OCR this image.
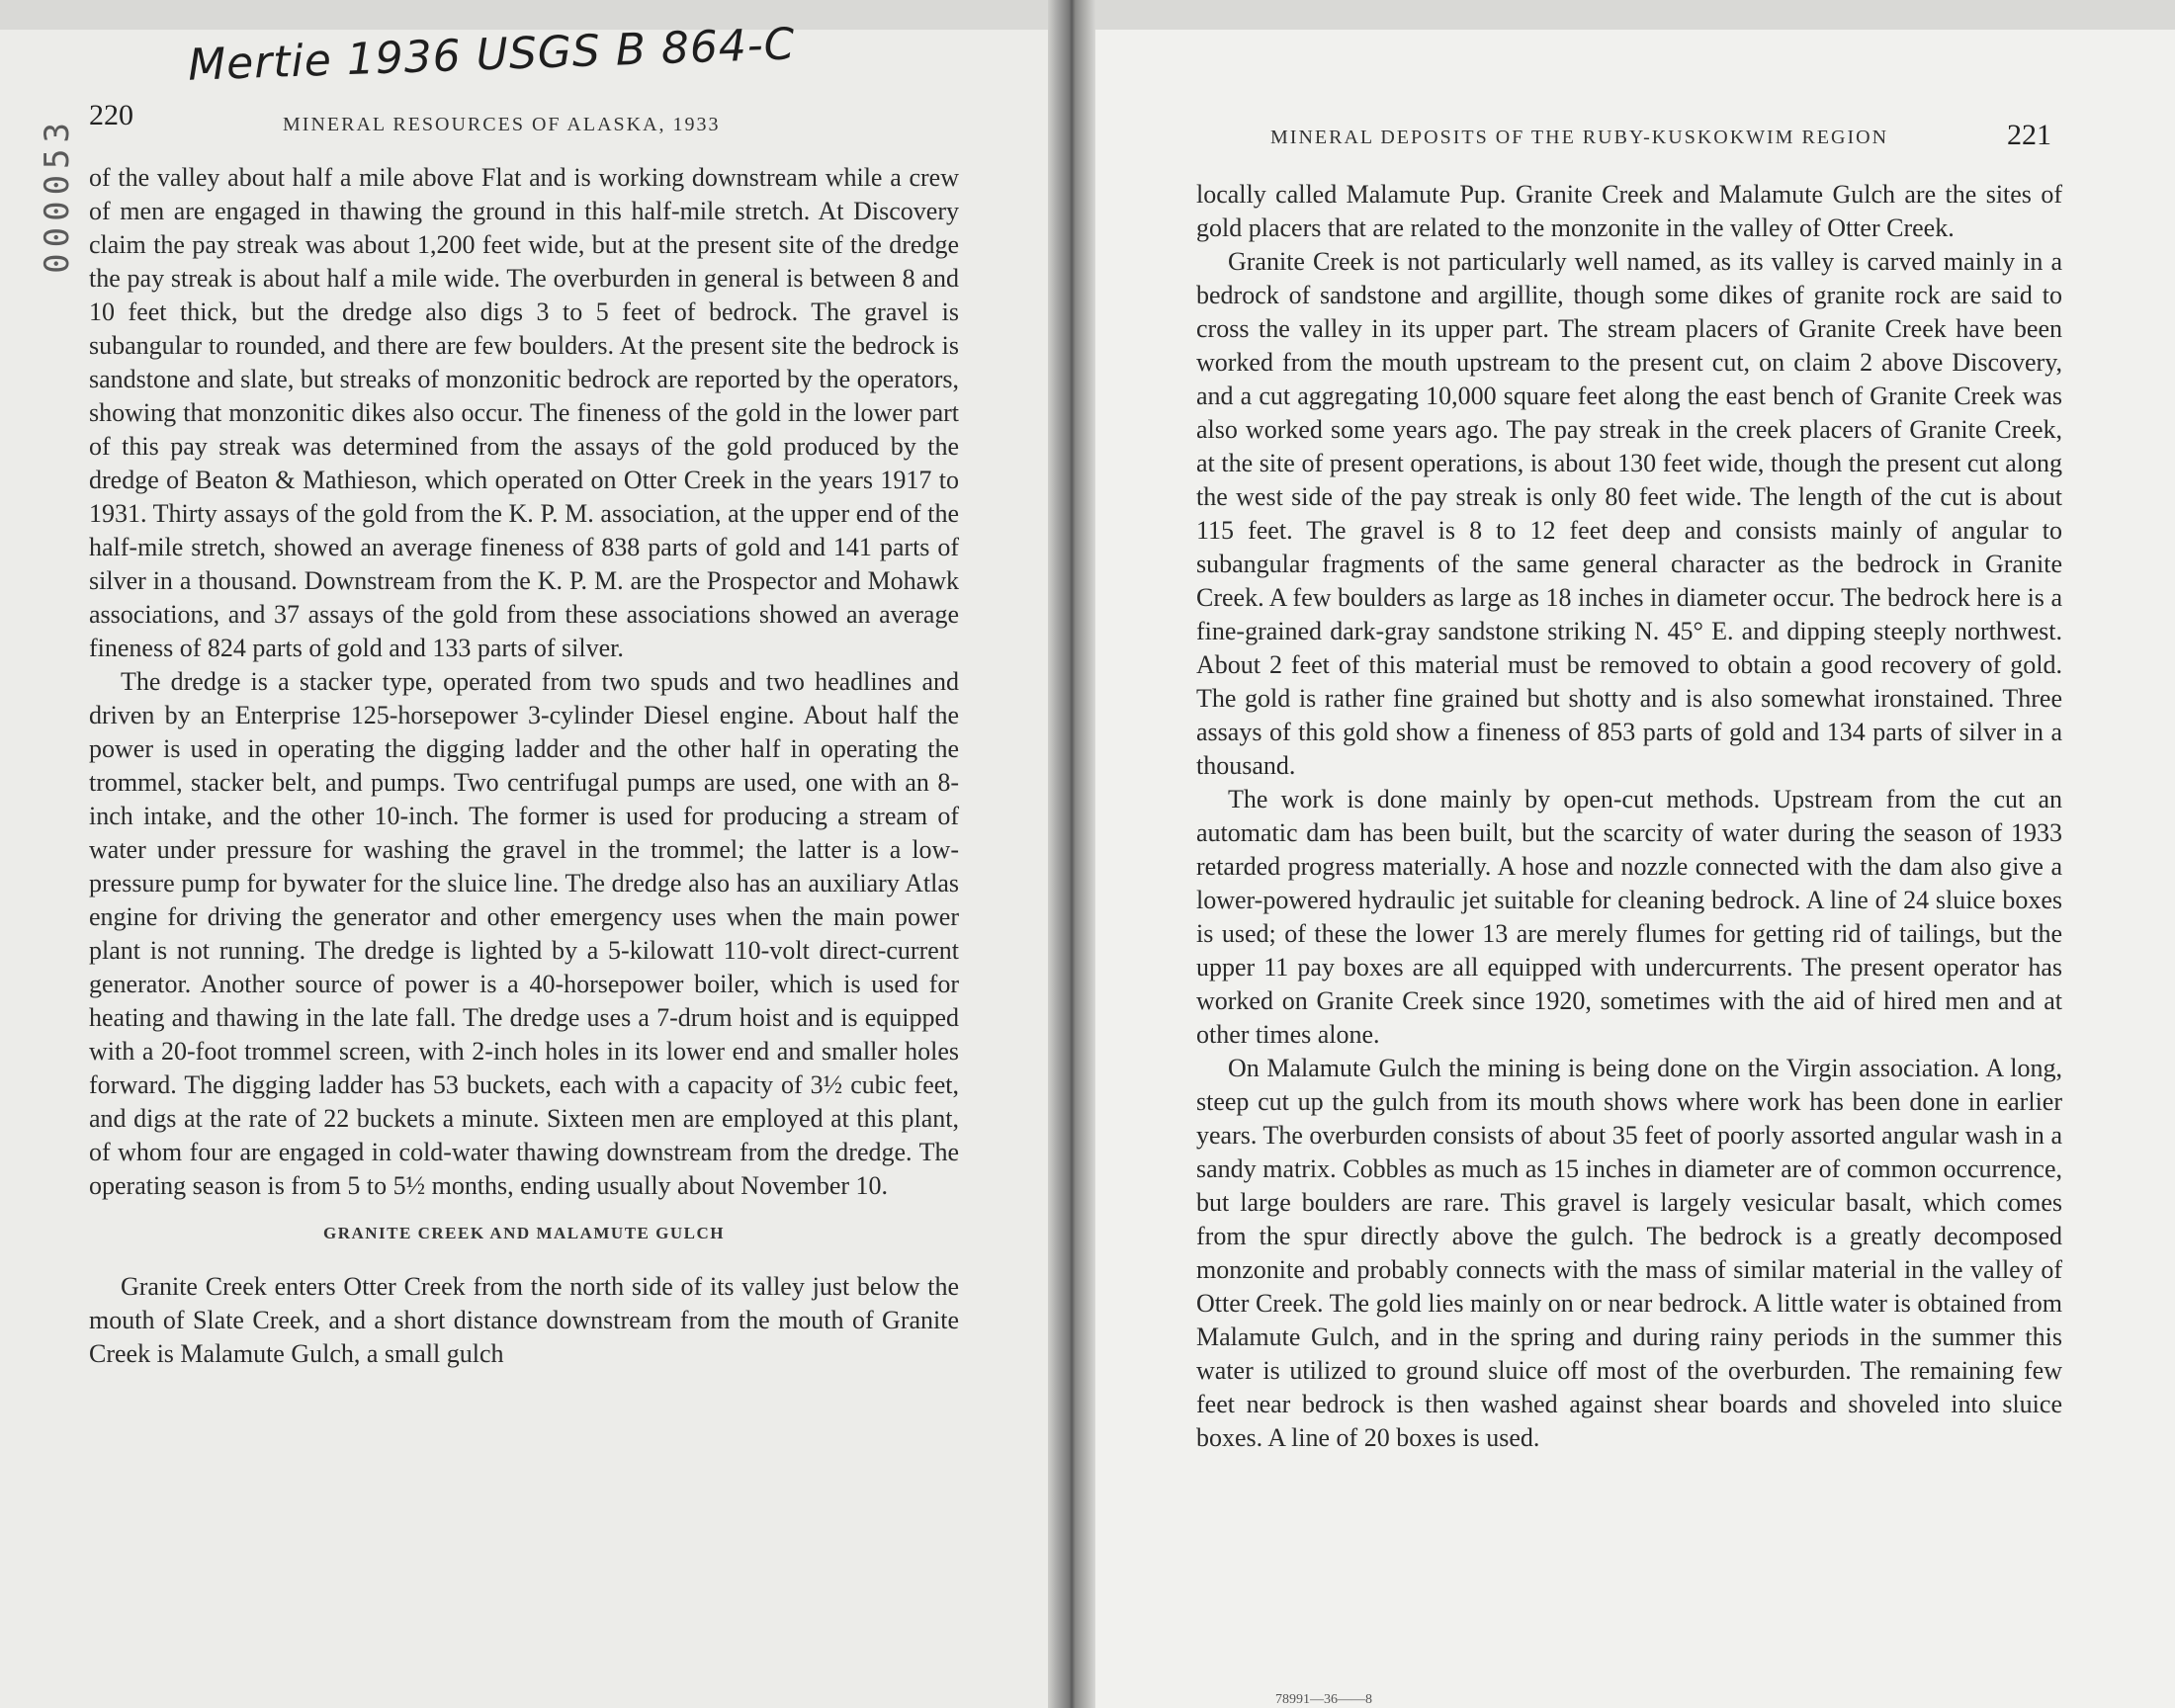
Mertie 1936 USGS B 864-C
000053
220	MINERAL RESOURCES OF ALASKA, 1933

of the valley about half a mile above Flat and is working downstream while a crew of men are engaged in thawing the ground in this half-mile stretch. At Discovery claim the pay streak was about 1,200 feet wide, but at the present site of the dredge the pay streak is about half a mile wide. The overburden in general is between 8 and 10 feet thick, but the dredge also digs 3 to 5 feet of bedrock. The gravel is subangular to rounded, and there are few boulders. At the present site the bedrock is sandstone and slate, but streaks of monzonitic bedrock are reported by the operators, showing that monzonitic dikes also occur. The fineness of the gold in the lower part of this pay streak was determined from the assays of the gold produced by the dredge of Beaton & Mathieson, which operated on Otter Creek in the years 1917 to 1931. Thirty assays of the gold from the K. P. M. association, at the upper end of the half-mile stretch, showed an average fineness of 838 parts of gold and 141 parts of silver in a thousand. Downstream from the K. P. M. are the Prospector and Mohawk associations, and 37 assays of the gold from these associations showed an average fineness of 824 parts of gold and 133 parts of silver.

The dredge is a stacker type, operated from two spuds and two headlines and driven by an Enterprise 125-horsepower 3-cylinder Diesel engine. About half the power is used in operating the digging ladder and the other half in operating the trommel, stacker belt, and pumps. Two centrifugal pumps are used, one with an 8-inch intake, and the other 10-inch. The former is used for producing a stream of water under pressure for washing the gravel in the trommel; the latter is a low-pressure pump for bywater for the sluice line. The dredge also has an auxiliary Atlas engine for driving the generator and other emergency uses when the main power plant is not running. The dredge is lighted by a 5-kilowatt 110-volt direct-current generator. Another source of power is a 40-horsepower boiler, which is used for heating and thawing in the late fall. The dredge uses a 7-drum hoist and is equipped with a 20-foot trommel screen, with 2-inch holes in its lower end and smaller holes forward. The digging ladder has 53 buckets, each with a capacity of 3½ cubic feet, and digs at the rate of 22 buckets a minute. Sixteen men are employed at this plant, of whom four are engaged in cold-water thawing downstream from the dredge. The operating season is from 5 to 5½ months, ending usually about November 10.

GRANITE CREEK AND MALAMUTE GULCH

Granite Creek enters Otter Creek from the north side of its valley just below the mouth of Slate Creek, and a short distance downstream from the mouth of Granite Creek is Malamute Gulch, a small gulch

MINERAL DEPOSITS OF THE RUBY-KUSKOKWIM REGION	221

locally called Malamute Pup. Granite Creek and Malamute Gulch are the sites of gold placers that are related to the monzonite in the valley of Otter Creek.

Granite Creek is not particularly well named, as its valley is carved mainly in a bedrock of sandstone and argillite, though some dikes of granite rock are said to cross the valley in its upper part. The stream placers of Granite Creek have been worked from the mouth upstream to the present cut, on claim 2 above Discovery, and a cut aggregating 10,000 square feet along the east bench of Granite Creek was also worked some years ago. The pay streak in the creek placers of Granite Creek, at the site of present operations, is about 130 feet wide, though the present cut along the west side of the pay streak is only 80 feet wide. The length of the cut is about 115 feet. The gravel is 8 to 12 feet deep and consists mainly of angular to subangular fragments of the same general character as the bedrock in Granite Creek. A few boulders as large as 18 inches in diameter occur. The bedrock here is a fine-grained dark-gray sandstone striking N. 45° E. and dipping steeply northwest. About 2 feet of this material must be removed to obtain a good recovery of gold. The gold is rather fine grained but shotty and is also somewhat ironstained. Three assays of this gold show a fineness of 853 parts of gold and 134 parts of silver in a thousand.

The work is done mainly by open-cut methods. Upstream from the cut an automatic dam has been built, but the scarcity of water during the season of 1933 retarded progress materially. A hose and nozzle connected with the dam also give a lower-powered hydraulic jet suitable for cleaning bedrock. A line of 24 sluice boxes is used; of these the lower 13 are merely flumes for getting rid of tailings, but the upper 11 pay boxes are all equipped with undercurrents. The present operator has worked on Granite Creek since 1920, sometimes with the aid of hired men and at other times alone.

On Malamute Gulch the mining is being done on the Virgin association. A long, steep cut up the gulch from its mouth shows where work has been done in earlier years. The overburden consists of about 35 feet of poorly assorted angular wash in a sandy matrix. Cobbles as much as 15 inches in diameter are of common occurrence, but large boulders are rare. This gravel is largely vesicular basalt, which comes from the spur directly above the gulch. The bedrock is a greatly decomposed monzonite and probably connects with the mass of similar material in the valley of Otter Creek. The gold lies mainly on or near bedrock. A little water is obtained from Malamute Gulch, and in the spring and during rainy periods in the summer this water is utilized to ground sluice off most of the overburden. The remaining few feet near bedrock is then washed against shear boards and shoveled into sluice boxes. A line of 20 boxes is used.

78991—36——8
